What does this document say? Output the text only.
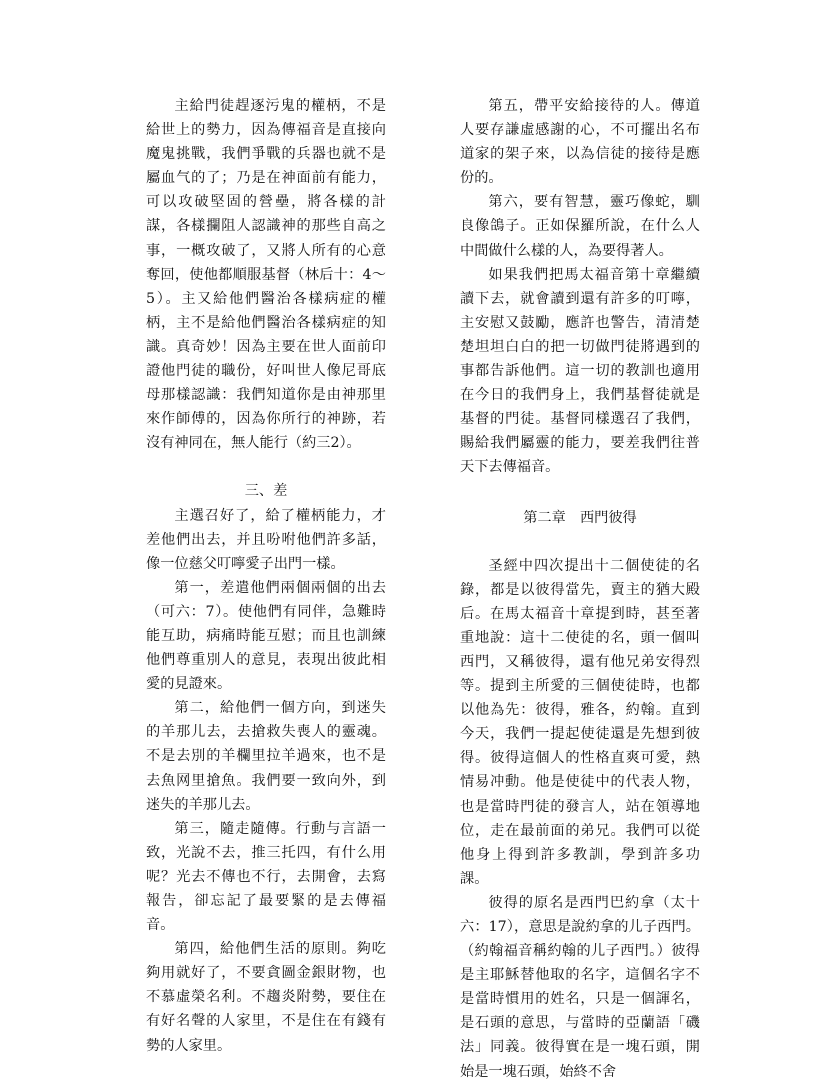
主給門徒趕逐污鬼的權柄，不是給世上的勢力，因為傳福音是直接向魔鬼挑戰，我們爭戰的兵器也就不是屬血气的了；乃是在神面前有能力，可以攻破堅固的營壘，將各樣的計謀，各樣攔阻人認識神的那些自高之事，一概攻破了，又將人所有的心意奪回，使他都順服基督（林后十：4～5）。主又給他們醫治各樣病症的權柄，主不是給他們醫治各樣病症的知識。真奇妙！因為主要在世人面前印證他門徒的職份，好叫世人像尼哥底母那樣認識：我們知道你是由神那里來作師傅的，因為你所行的神跡，若沒有神同在，無人能行（約三2）。

三、差

主選召好了，給了權柄能力，才差他們出去，并且吩咐他們許多話，像一位慈父叮嚀愛子出門一樣。

第一，差遣他們兩個兩個的出去（可六：7）。使他們有同伴，急難時能互助，病痛時能互慰；而且也訓練他們尊重別人的意見，表現出彼此相愛的見證來。

第二，給他們一個方向，到迷失的羊那儿去，去搶救失喪人的靈魂。不是去別的羊欄里拉羊過來，也不是去魚网里搶魚。我們要一致向外，到迷失的羊那儿去。

第三，隨走隨傳。行動与言語一致，光說不去，推三托四，有什么用呢？光去不傳也不行，去開會，去寫報告，卻忘記了最要緊的是去傳福音。

第四，給他們生活的原則。夠吃夠用就好了，不要貪圖金銀財物，也不慕虛榮名利。不趨炎附勢，要住在有好名聲的人家里，不是住在有錢有勢的人家里。

第五，帶平安給接待的人。傳道人要存謙虛感謝的心，不可擺出名布道家的架子來，以為信徒的接待是應份的。

第六，要有智慧，靈巧像蛇，馴良像鴿子。正如保羅所說，在什么人中間做什么樣的人，為要得著人。

如果我們把馬太福音第十章繼續讀下去，就會讀到還有許多的叮嚀，主安慰又鼓勵，應許也警告，清清楚楚坦坦白白的把一切做門徒將遇到的事都告訴他們。這一切的教訓也適用在今日的我們身上，我們基督徒就是基督的門徒。基督同樣選召了我們，賜給我們屬靈的能力，要差我們往普天下去傳福音。

第二章　西門彼得

圣經中四次提出十二個使徒的名錄，都是以彼得當先，賣主的猶大殿后。在馬太福音十章提到時，甚至著重地說：這十二使徒的名，頭一個叫西門，又稱彼得，還有他兄弟安得烈等。提到主所愛的三個使徒時，也都以他為先：彼得，雅各，約翰。直到今天，我們一提起使徒還是先想到彼得。彼得這個人的性格直爽可愛，熱情易冲動。他是使徒中的代表人物，也是當時門徒的發言人，站在領導地位，走在最前面的弟兄。我們可以從他身上得到許多教訓，學到許多功課。

彼得的原名是西門巴約拿（太十六：17），意思是說約拿的儿子西門。（約翰福音稱約翰的儿子西門。）彼得是主耶穌替他取的名字，這個名字不是當時慣用的姓名，只是一個諢名，是石頭的意思，与當時的亞蘭語「磯法」同義。彼得實在是一塊石頭，開始是一塊石頭，始終不舍
